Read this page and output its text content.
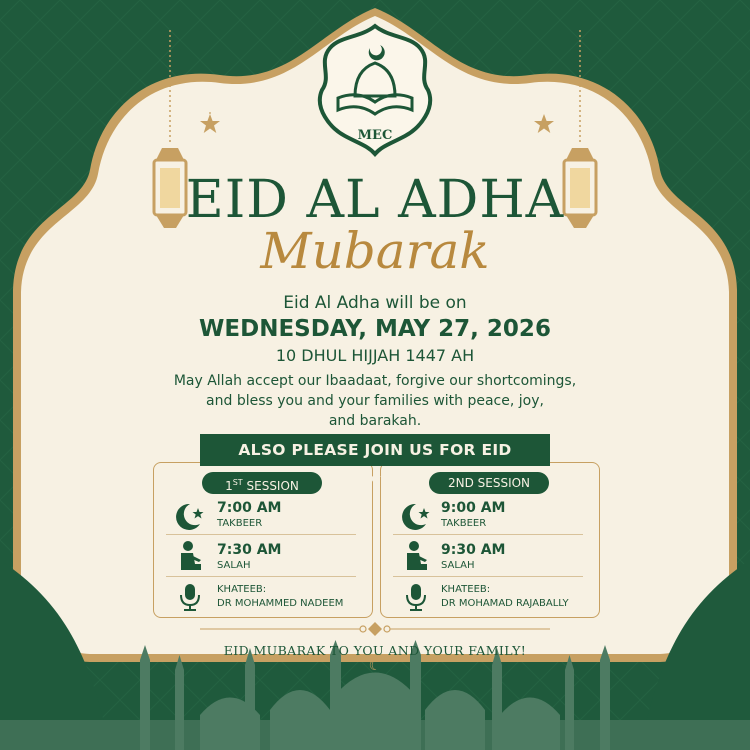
☾
MEC
EID AL ADHA
Mubarak
Eid Al Adha will be on
WEDNESDAY, MAY 27, 2026
10 DHUL HIJJAH 1447 AH
May Allah accept our Ibaadaat, forgive our shortcomings,
and bless you and your families with peace, joy,
and barakah.
ALSO PLEASE JOIN US FOR EID PRAYERS
1ST SESSION
7:00 AM
TAKBEER
7:30 AM
SALAH
KHATEEB:
DR MOHAMMED NADEEM
2ND SESSION
9:00 AM
TAKBEER
9:30 AM
SALAH
KHATEEB:
DR MOHAMAD RAJABALLY
EID MUBARAK TO YOU AND YOUR FAMILY!
